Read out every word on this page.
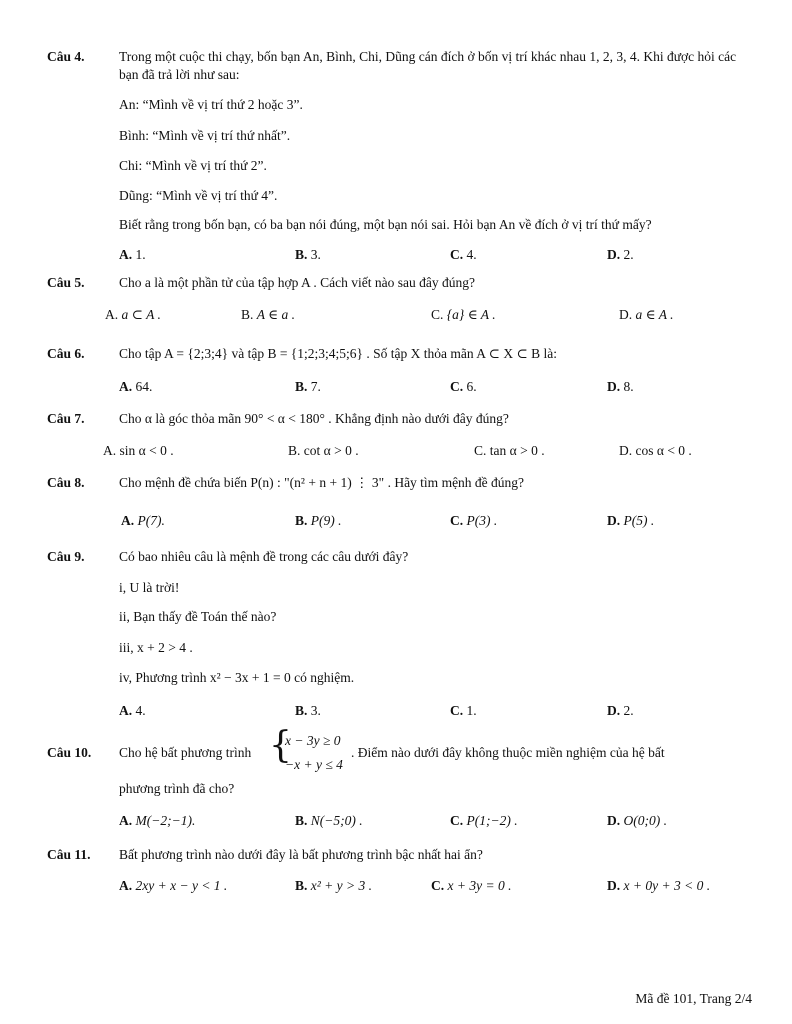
Câu 4.	Trong một cuộc thi chạy, bốn bạn An, Bình, Chi, Dũng cán đích ở bốn vị trí khác nhau 1, 2, 3, 4. Khi được hỏi các bạn đã trả lời như sau:
An: “Mình về vị trí thứ 2 hoặc 3”.
Bình: “Mình về vị trí thứ nhất”.
Chi: “Mình về vị trí thứ 2”.
Dũng: “Mình về vị trí thứ 4”.
Biết rằng trong bốn bạn, có ba bạn nói đúng, một bạn nói sai. Hỏi bạn An về đích ở vị trí thứ mấy?
A. 1.	B. 3.	C. 4.	D. 2.
Câu 5.	Cho a là một phần tử của tập hợp A . Cách viết nào sau đây đúng?
A. a ⊂ A .	B. A ∈ a .	C. {a} ∈ A .	D. a ∈ A .
Câu 6.	Cho tập A = {2;3;4} và tập B = {1;2;3;4;5;6} . Số tập X thỏa mãn A ⊂ X ⊂ B là:
A. 64.	B. 7.	C. 6.	D. 8.
Câu 7.	Cho α là góc thỏa mãn 90° < α < 180° . Khẳng định nào dưới đây đúng?
A. sin α < 0 .	B. cot α > 0 .	C. tan α > 0 .	D. cos α < 0 .
Câu 8.	Cho mệnh đề chứa biến P(n) : "(n² + n + 1) ⋮ 3" . Hãy tìm mệnh đề đúng?
A. P(7).	B. P(9) .	C. P(3) .	D. P(5) .
Câu 9.	Có bao nhiêu câu là mệnh đề trong các câu dưới đây?
i, U là trời!
ii, Bạn thấy đề Toán thế nào?
iii, x + 2 > 4 .
iv, Phương trình x² − 3x + 1 = 0 có nghiệm.
A. 4.	B. 3.	C. 1.	D. 2.
Câu 10.	Cho hệ bất phương trình {
x − 3y ≥ 0
−x + y ≤ 4
. Điểm nào dưới đây không thuộc miền nghiệm của hệ bất
phương trình đã cho?
A. M(−2;−1).	B. N(−5;0) .	C. P(1;−2) .	D. O(0;0) .
Câu 11.	Bất phương trình nào dưới đây là bất phương trình bậc nhất hai ẩn?
A. 2xy + x − y < 1 .	B. x² + y > 3 .	C. x + 3y = 0 .	D. x + 0y + 3 < 0 .
Mã đề 101, Trang 2/4
